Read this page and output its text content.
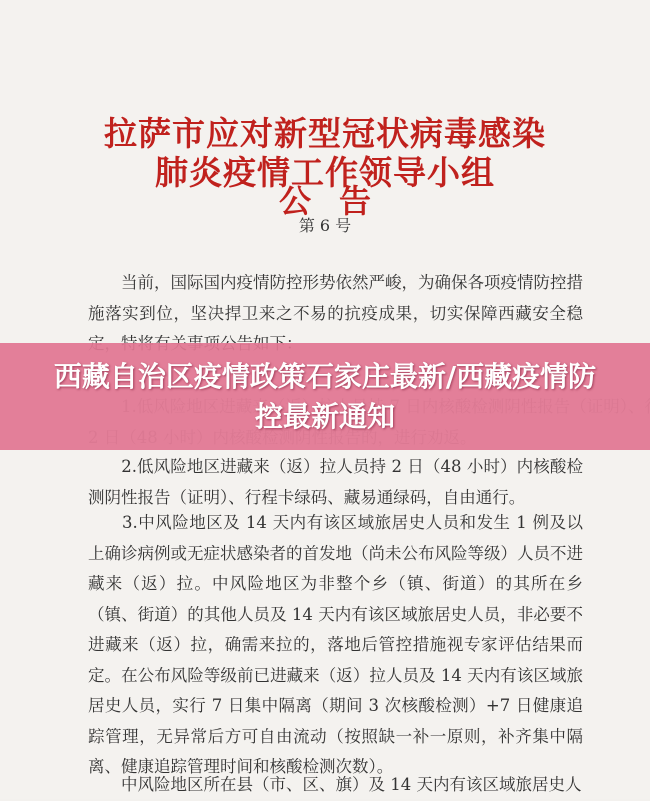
拉萨市应对新型冠状病毒感染
肺炎疫情工作领导小组
公告
第 6 号
　　当前，国际国内疫情防控形势依然严峻，为确保各项疫情防控措施落实到位，坚决捍卫来之不易的抗疫成果，切实保障西藏安全稳
　　2.低风险地区进藏来（返）拉人员持 2 日（48 小时）内核酸检测阴性报告（证明）、行程卡绿码、藏易通绿码，自由通行。
　　3.中风险地区及 14 天内有该区域旅居史人员和发生 1 例及以上确诊病例或无症状感染者的首发地（尚未公布风险等级）人员不进藏来（返）拉。中风险地区为非整个乡（镇、街道）的其所在乡（镇、街道）的其他人员及 14 天内有该区域旅居史人员，非必要不进藏来（返）拉，确需来拉的，落地后管控措施视专家评估结果而定。在公布风险等级前已进藏来（返）拉人员及 14 天内有该区域旅居史人员，实行 7 日集中隔离（期间 3 次核酸检测）+7 日健康追踪管理，无异常后方可自由流动（按照缺一补一原则，补齐集中隔离、健康追踪管理时间和核酸检测次数）。
　　中风险地区所在县（市、区、旗）及 14 天内有该区域旅居史人
西藏自治区疫情政策石家庄最新/西藏疫情防控最新通知
